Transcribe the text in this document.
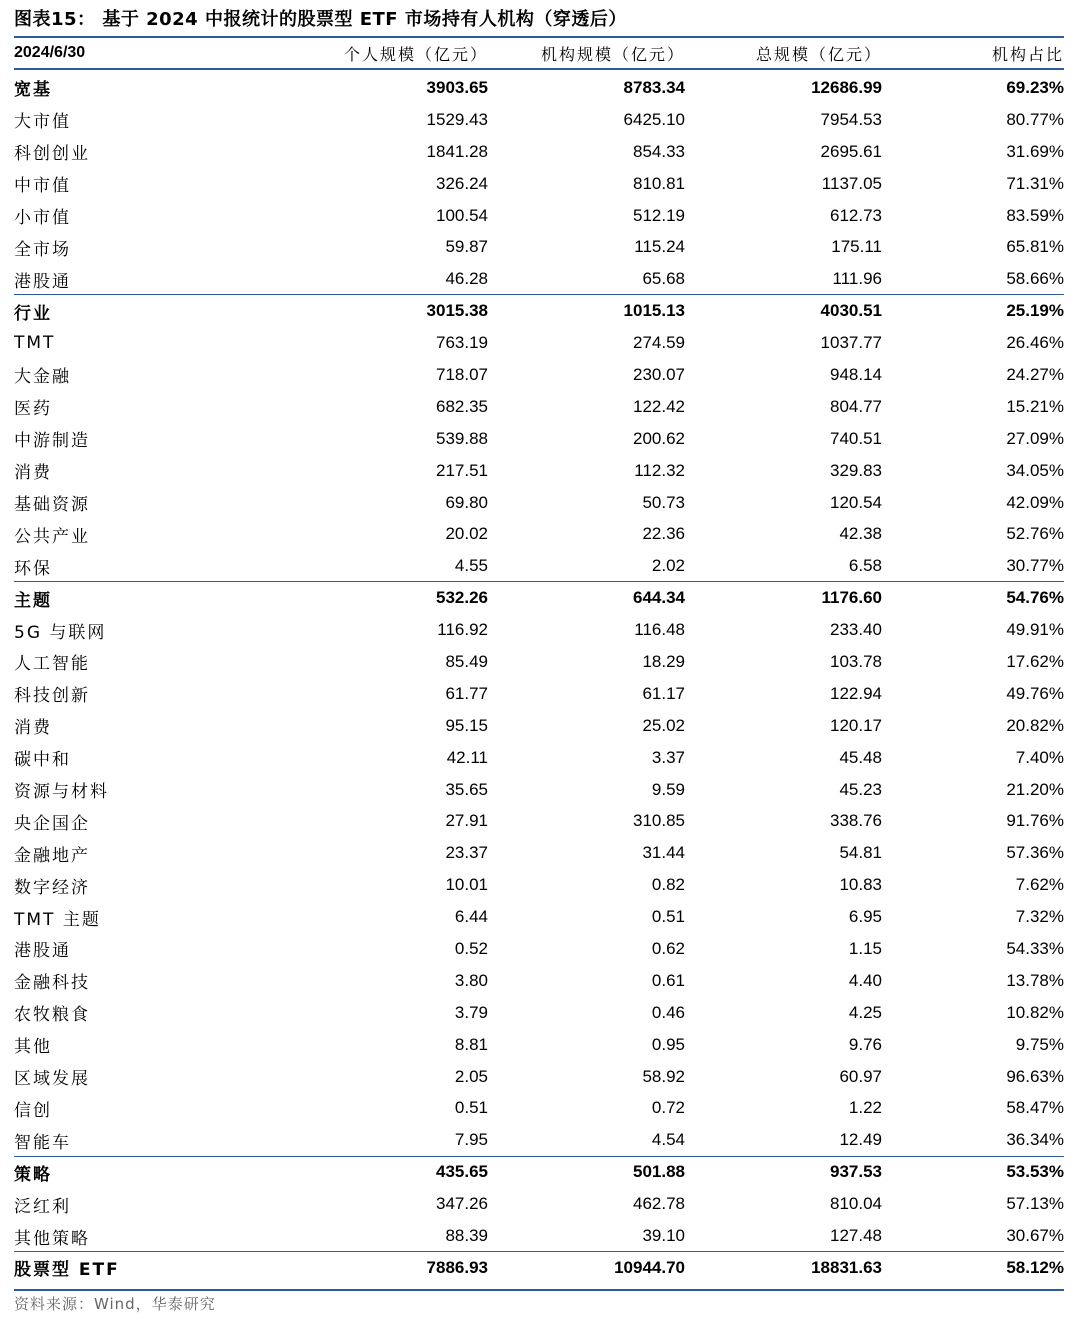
图表15： 基于 2024 中报统计的股票型 ETF 市场持有人机构（穿透后）
2024/6/30	个人规模（亿元）	机构规模（亿元）	总规模（亿元）	机构占比
宽基	3903.65	8783.34	12686.99	69.23%
大市值	1529.43	6425.10	7954.53	80.77%
科创创业	1841.28	854.33	2695.61	31.69%
中市值	326.24	810.81	1137.05	71.31%
小市值	100.54	512.19	612.73	83.59%
全市场	59.87	115.24	175.11	65.81%
港股通	46.28	65.68	111.96	58.66%
行业	3015.38	1015.13	4030.51	25.19%
TMT	763.19	274.59	1037.77	26.46%
大金融	718.07	230.07	948.14	24.27%
医药	682.35	122.42	804.77	15.21%
中游制造	539.88	200.62	740.51	27.09%
消费	217.51	112.32	329.83	34.05%
基础资源	69.80	50.73	120.54	42.09%
公共产业	20.02	22.36	42.38	52.76%
环保	4.55	2.02	6.58	30.77%
主题	532.26	644.34	1176.60	54.76%
5G 与联网	116.92	116.48	233.40	49.91%
人工智能	85.49	18.29	103.78	17.62%
科技创新	61.77	61.17	122.94	49.76%
消费	95.15	25.02	120.17	20.82%
碳中和	42.11	3.37	45.48	7.40%
资源与材料	35.65	9.59	45.23	21.20%
央企国企	27.91	310.85	338.76	91.76%
金融地产	23.37	31.44	54.81	57.36%
数字经济	10.01	0.82	10.83	7.62%
TMT 主题	6.44	0.51	6.95	7.32%
港股通	0.52	0.62	1.15	54.33%
金融科技	3.80	0.61	4.40	13.78%
农牧粮食	3.79	0.46	4.25	10.82%
其他	8.81	0.95	9.76	9.75%
区域发展	2.05	58.92	60.97	96.63%
信创	0.51	0.72	1.22	58.47%
智能车	7.95	4.54	12.49	36.34%
策略	435.65	501.88	937.53	53.53%
泛红利	347.26	462.78	810.04	57.13%
其他策略	88.39	39.10	127.48	30.67%
股票型 ETF	7886.93	10944.70	18831.63	58.12%
资料来源：Wind，华泰研究
